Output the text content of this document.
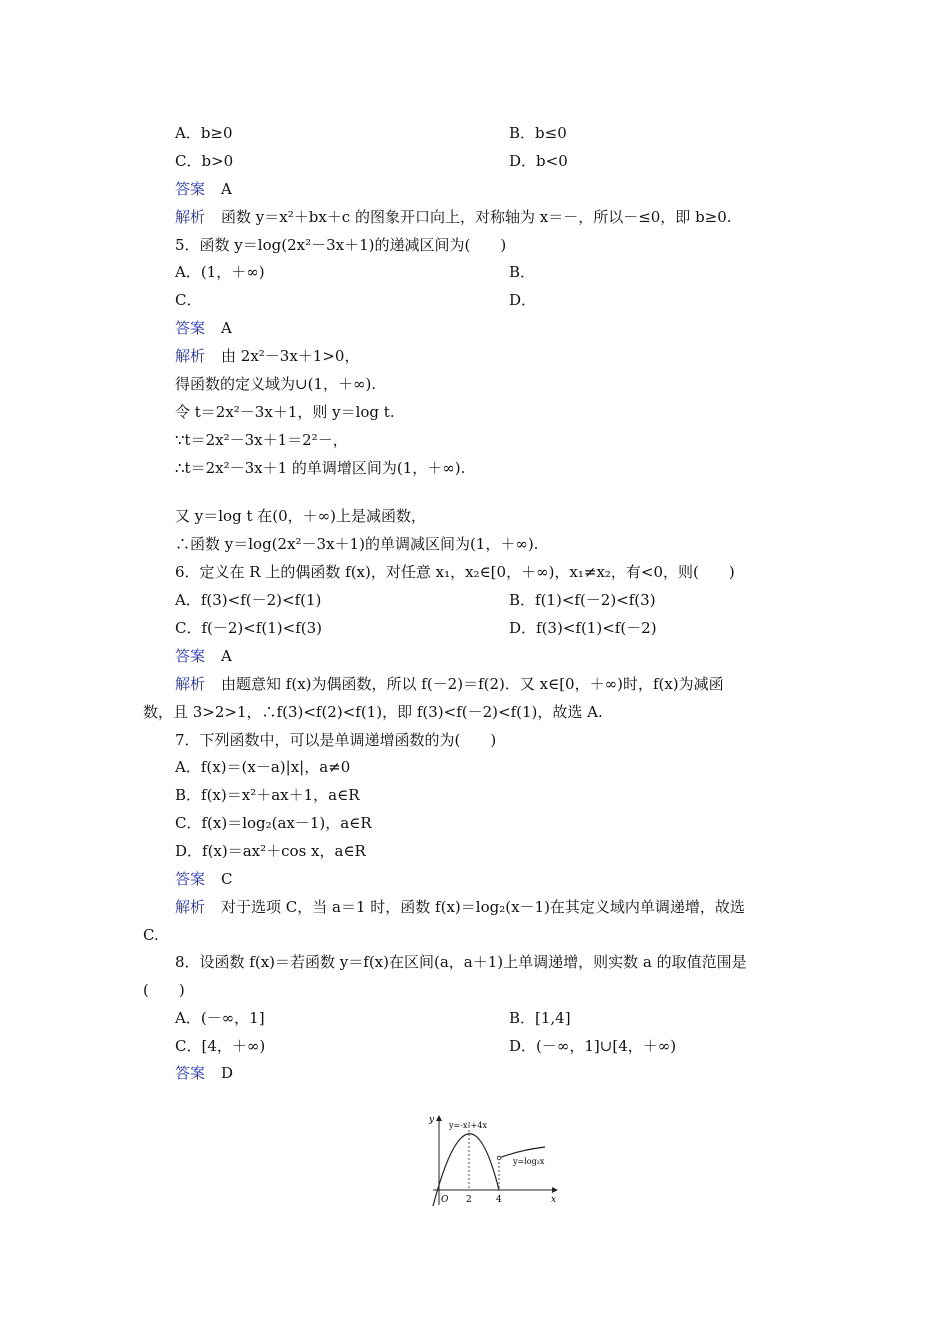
A．b≥0	B．b≤0
C．b>0	D．b<0
答案 A
解析 函数 y＝x²＋bx＋c 的图象开口向上，对称轴为 x＝－，所以－≤0，即 b≥0.
5．函数 y＝log(2x²－3x＋1)的递减区间为(　　)
A．(1，＋∞)	B．
C．	D．
答案 A
解析 由 2x²－3x＋1>0，
得函数的定义域为∪(1，＋∞).
令 t＝2x²－3x＋1，则 y＝log t.
∵t＝2x²－3x＋1＝2²－，
∴t＝2x²－3x＋1 的单调增区间为(1，＋∞).
又 y＝log t 在(0，＋∞)上是减函数，
∴函数 y＝log(2x²－3x＋1)的单调减区间为(1，＋∞).
6．定义在 R 上的偶函数 f(x)，对任意 x₁，x₂∈[0，＋∞)，x₁≠x₂，有<0，则(　　)
A．f(3)<f(－2)<f(1)	B．f(1)<f(－2)<f(3)
C．f(－2)<f(1)<f(3)	D．f(3)<f(1)<f(－2)
答案 A
解析 由题意知 f(x)为偶函数，所以 f(－2)＝f(2)．又 x∈[0，＋∞)时，f(x)为减函
数，且 3>2>1，∴f(3)<f(2)<f(1)，即 f(3)<f(－2)<f(1)，故选 A.
7．下列函数中，可以是单调递增函数的为(　　)
A．f(x)＝(x－a)|x|，a≠0
B．f(x)＝x²＋ax＋1，a∈R
C．f(x)＝log₂(ax－1)，a∈R
D．f(x)＝ax²＋cos x，a∈R
答案 C
解析 对于选项 C，当 a＝1 时，函数 f(x)＝log₂(x－1)在其定义域内单调递增，故选
C.
8．设函数 f(x)＝若函数 y＝f(x)在区间(a，a＋1)上单调递增，则实数 a 的取值范围是
(　　)
A．(－∞，1]	B．[1,4]
C．[4，＋∞)	D．(－∞，1]∪[4，＋∞)
答案 D
y
x
O 2	4
y=-x²+4x
y=log₂x
